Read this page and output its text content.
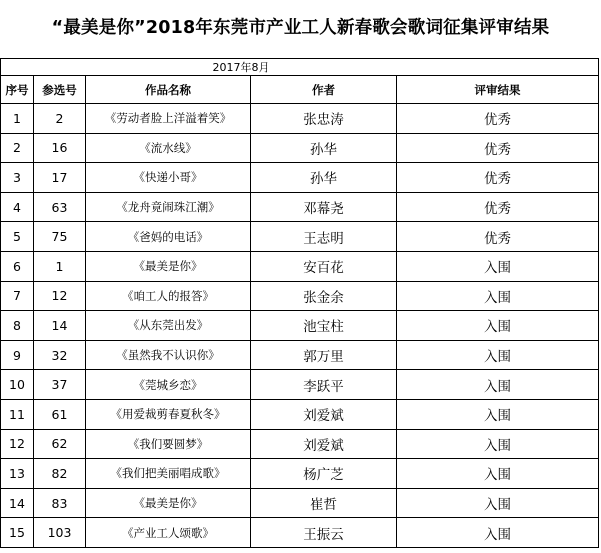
“最美是你”2018年东莞市产业工人新春歌会歌词征集评审结果
		2017年8月		
序号	参选号	作品名称	作者	评审结果
1	2	《劳动者脸上洋溢着笑》	张忠涛	优秀
2	16	《流水线》	孙华	优秀
3	17	《快递小哥》	孙华	优秀
4	63	《龙舟竟闹珠江潮》	邓幕尧	优秀
5	75	《爸妈的电话》	王志明	优秀
6	1	《最美是你》	安百花	入围
7	12	《咱工人的报答》	张金余	入围
8	14	《从东莞出发》	池宝柱	入围
9	32	《虽然我不认识你》	郭万里	入围
10	37	《莞城乡恋》	李跃平	入围
11	61	《用爱裁剪春夏秋冬》	刘爱斌	入围
12	62	《我们要圆梦》	刘爱斌	入围
13	82	《我们把美丽唱成歌》	杨广芝	入围
14	83	《最美是你》	崔哲	入围
15	103	《产业工人颂歌》	王振云	入围
